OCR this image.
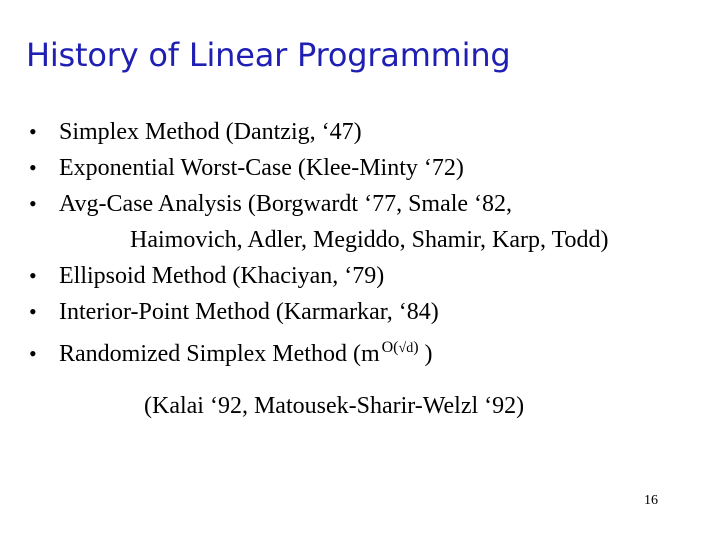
History of Linear Programming
• Simplex Method (Dantzig, ‘47)
• Exponential Worst-Case (Klee-Minty ‘72)
• Avg-Case Analysis (Borgwardt ‘77, Smale ‘82,
Haimovich, Adler, Megiddo, Shamir, Karp, Todd)
• Ellipsoid Method (Khaciyan, ‘79)
• Interior-Point Method (Karmarkar, ‘84)
• Randomized Simplex Method (m $^{O(√d)}$ )
(Kalai ‘92, Matousek-Sharir-Welzl ‘92)
16
